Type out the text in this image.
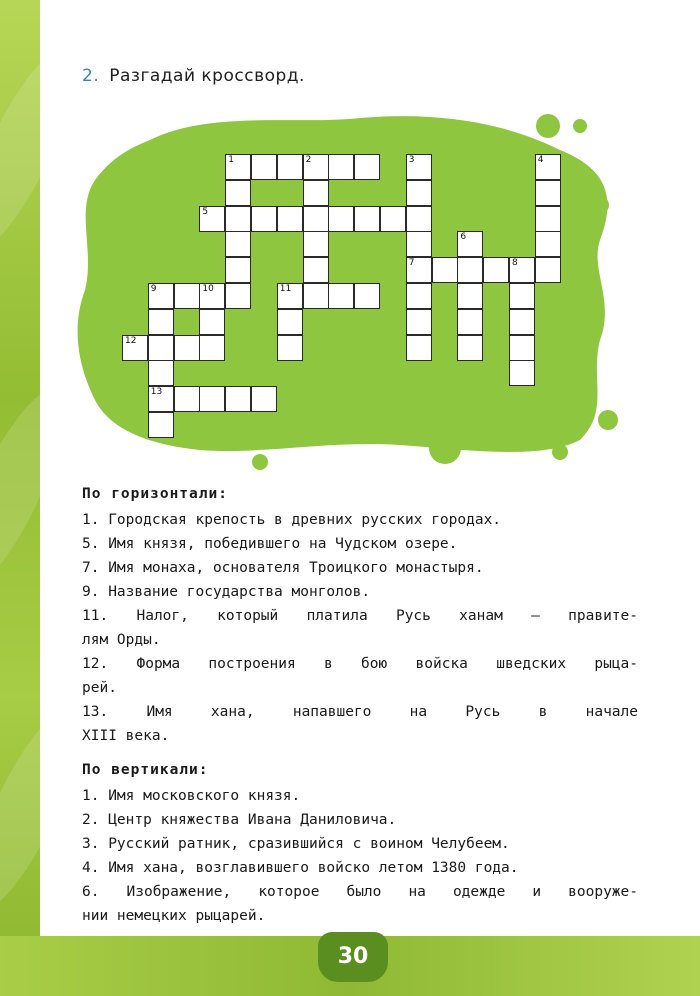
2. Разгадай кроссворд.
1	2	3
7
4
5
6
8
9	10
13
11
12
По горизонтали:
1. Городская крепость в древних русских городах.
5. Имя князя, победившего на Чудском озере.
7. Имя монаха, основателя Троицкого монастыря.
9. Название государства монголов.
11. Налог, который платила Русь ханам — правите-
лям Орды.
12. Форма построения в бою войска шведских рыца-
рей.
13. Имя хана, напавшего на Русь в начале
XIII века.
По вертикали:
1. Имя московского князя.
2. Центр княжества Ивана Даниловича.
3. Русский ратник, сразившийся с воином Челубеем.
4. Имя хана, возглавившего войско летом 1380 года.
6. Изображение, которое было на одежде и вооруже-
нии немецких рыцарей.
30
